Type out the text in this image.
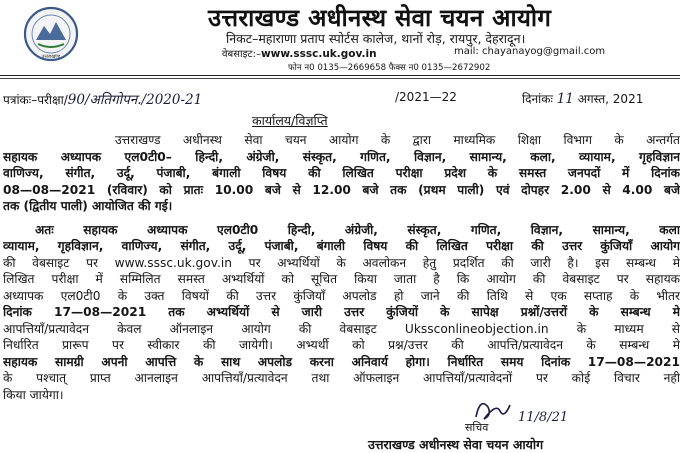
उत्तराखण्ड
उत्तराखण्ड अधीनस्थ सेवा चयन आयोग
निकट–महाराणा प्रताप स्पोर्टस कालेज, थानों रोड़, रायपुर, देहरादून।
वेबसाइट:–www.sssc.uk.gov.in	mail: chayanayog@gmail.com
फोन न0 0135—2669658 फैक्स न0 0135—2672902
पत्रांकः–परीक्षा/90/अतिगोपन./2020-21	/2021—22	दिनांकः 11 अगस्त, 2021
कार्यालय/विज्ञप्ति
उत्तराखण्ड अधीनस्थ सेवा चयन आयोग के द्वारा माध्यमिक शिक्षा विभाग के अन्तर्गत
सहायक अध्यापक एल0टी0– हिन्दी, अंग्रेजी, संस्कृत, गणित, विज्ञान, सामान्य, कला, व्यायाम, गृहविज्ञान
वाणिज्य, संगीत, उर्दू, पंजाबी, बंगाली विषय की लिखित परीक्षा प्रदेश के समस्त जनपदों में दिनांक
08—08—2021 (रविवार) को प्रातः 10.00 बजे से 12.00 बजे तक (प्रथम पाली) एवं दोपहर 2.00 से 4.00 बजे
तक (द्वितीय पाली) आयोजित की गई।
अतः सहायक अध्यापक एल0टी0 हिन्दी, अंग्रेजी, संस्कृत, गणित, विज्ञान, सामान्य, कला
व्यायाम, गृहविज्ञान, वाणिज्य, संगीत, उर्दू, पंजाबी, बंगाली विषय की लिखित परीक्षा की उत्तर कुंजियॉं आयोग
की वेबसाइट पर www.sssc.uk.gov.in पर अभ्यर्थियों के अवलोकन हेतु प्रदर्शित की जारी है। इस सम्बन्ध मे
लिखित परीक्षा में सम्मिलित समस्त अभ्यर्थियों को सूचित किया जाता है कि आयोग की वेबसाइट पर सहायक
अध्यापक एल0टी0 के उक्त विषयों की उत्तर कुंजियॉं अपलोड हो जाने की तिथि से एक सप्ताह के भीतर
दिनांक 17—08—2021 तक अभ्यर्थियों से जारी उत्तर कुंजियों के सापेक्ष प्रश्नों/उत्तरों के सम्बन्ध मे
आपत्तियॉं/प्रत्यावेदन केवल ऑनलाइन आयोग की वेबसाइट Ukssconlineobjection.in के माध्यम से
निर्धारित प्रारूप पर स्वीकार की जायेगी। अभ्यर्थी को प्रश्न/उत्तर की आपत्ति/प्रत्यावेदन के सम्बन्ध मे
सहायक सामग्री अपनी आपत्ति के साथ अपलोड करना अनिवार्य होगा। निर्धारित समय दिनांक 17—08—2021
के पश्चात् प्राप्त आनलाइन आपत्तियॉं/प्रत्यावेदन तथा ऑफलाइन आपत्तियॉं/प्रत्यावेदनों पर कोई विचार नही
किया जायेगा।
11/8/21
सचिव
उत्तराखण्ड अधीनस्थ सेवा चयन आयोग
